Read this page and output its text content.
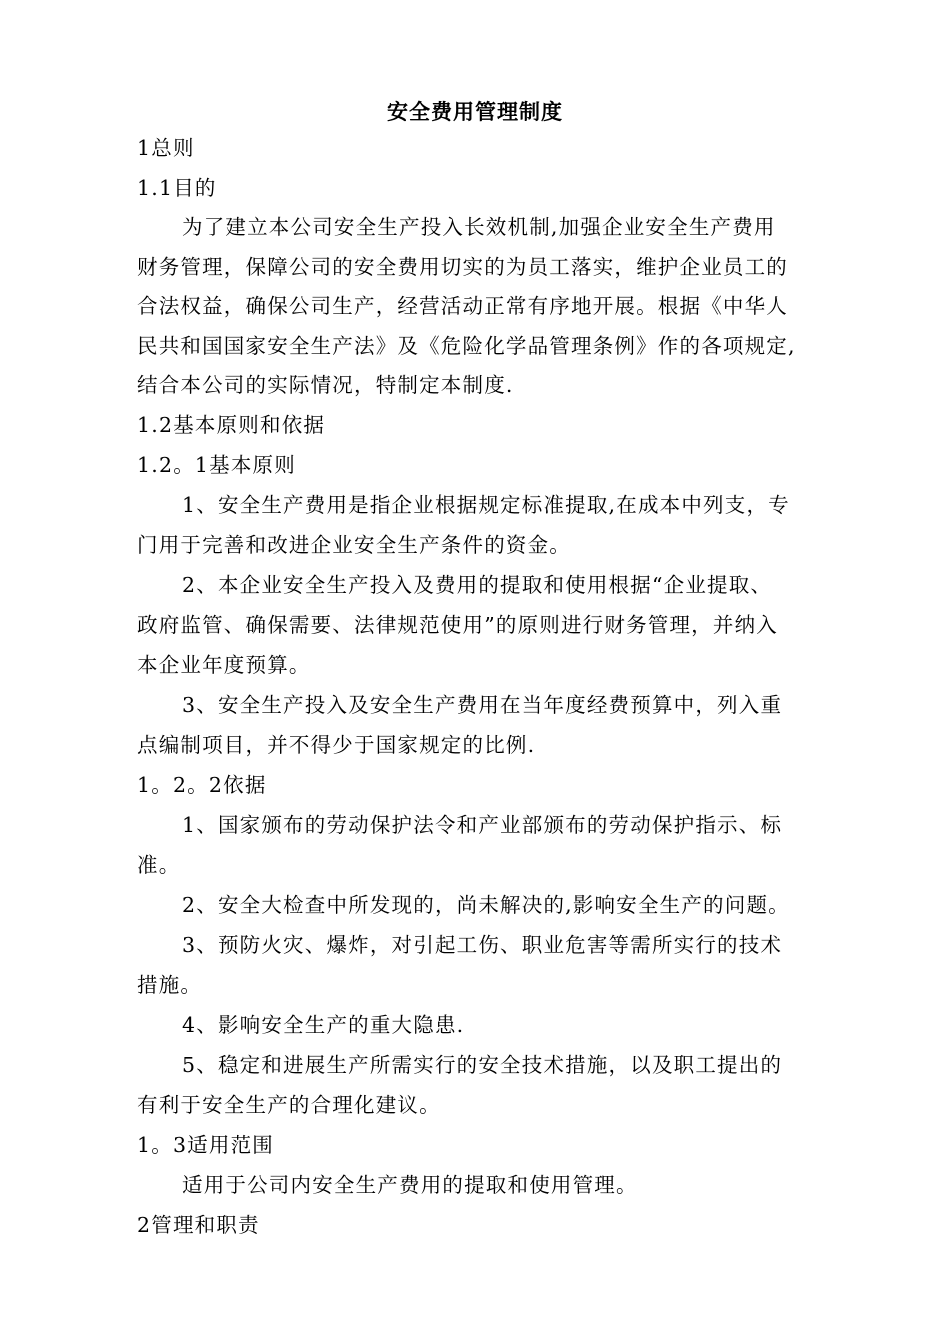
安全费用管理制度
1总则
1.1目的
为了建立本公司安全生产投入长效机制,加强企业安全生产费用
财务管理，保障公司的安全费用切实的为员工落实，维护企业员工的
合法权益，确保公司生产，经营活动正常有序地开展。根据《中华人
民共和国国家安全生产法》及《危险化学品管理条例》作的各项规定,
结合本公司的实际情况，特制定本制度.
1.2基本原则和依据
1.2。1基本原则
1、安全生产费用是指企业根据规定标准提取,在成本中列支，专
门用于完善和改进企业安全生产条件的资金。
2、本企业安全生产投入及费用的提取和使用根据“企业提取、
政府监管、确保需要、法律规范使用”的原则进行财务管理，并纳入
本企业年度预算。
3、安全生产投入及安全生产费用在当年度经费预算中，列入重
点编制项目，并不得少于国家规定的比例.
1。2。2依据
1、国家颁布的劳动保护法令和产业部颁布的劳动保护指示、标
准。
2、安全大检查中所发现的，尚未解决的,影响安全生产的问题。
3、预防火灾、爆炸，对引起工伤、职业危害等需所实行的技术
措施。
4、影响安全生产的重大隐患.
5、稳定和进展生产所需实行的安全技术措施，以及职工提出的
有利于安全生产的合理化建议。
1。3适用范围
适用于公司内安全生产费用的提取和使用管理。
2管理和职责
